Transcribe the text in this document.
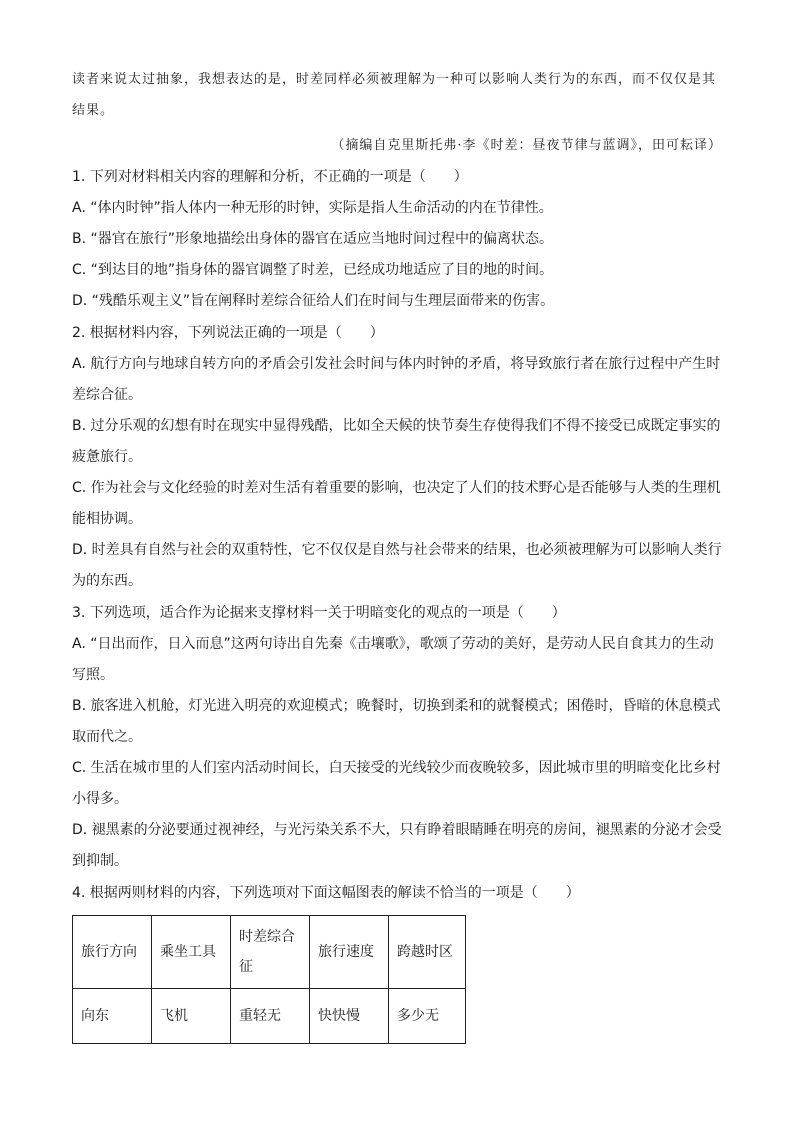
读者来说太过抽象，我想表达的是，时差同样必须被理解为一种可以影响人类行为的东西，而不仅仅是其结果。
（摘编自克里斯托弗·李《时差：昼夜节律与蓝调》，田可耘译）
1. 下列对材料相关内容的理解和分析，不正确的一项是（　　）
A. “体内时钟”指人体内一种无形的时钟，实际是指人生命活动的内在节律性。
B. “器官在旅行”形象地描绘出身体的器官在适应当地时间过程中的偏离状态。
C. “到达目的地”指身体的器官调整了时差，已经成功地适应了目的地的时间。
D. “残酷乐观主义”旨在阐释时差综合征给人们在时间与生理层面带来的伤害。
2. 根据材料内容，下列说法正确的一项是（　　）
A. 航行方向与地球自转方向的矛盾会引发社会时间与体内时钟的矛盾，将导致旅行者在旅行过程中产生时差综合征。
B. 过分乐观的幻想有时在现实中显得残酷，比如全天候的快节奏生存使得我们不得不接受已成既定事实的疲惫旅行。
C. 作为社会与文化经验的时差对生活有着重要的影响，也决定了人们的技术野心是否能够与人类的生理机能相协调。
D. 时差具有自然与社会的双重特性，它不仅仅是自然与社会带来的结果，也必须被理解为可以影响人类行为的东西。
3. 下列选项，适合作为论据来支撑材料一关于明暗变化的观点的一项是（　　）
A. “日出而作，日入而息”这两句诗出自先秦《击壤歌》，歌颂了劳动的美好，是劳动人民自食其力的生动写照。
B. 旅客进入机舱，灯光进入明亮的欢迎模式；晚餐时，切换到柔和的就餐模式；困倦时，昏暗的休息模式取而代之。
C. 生活在城市里的人们室内活动时间长，白天接受的光线较少而夜晚较多，因此城市里的明暗变化比乡村小得多。
D. 褪黑素的分泌要通过视神经，与光污染关系不大，只有睁着眼睛睡在明亮的房间，褪黑素的分泌才会受到抑制。
4. 根据两则材料的内容，下列选项对下面这幅图表的解读不恰当的一项是（　　）
旅行方向	乘坐工具	时差综合征	旅行速度	跨越时区
向东	飞机	重轻无	快快慢	多少无
